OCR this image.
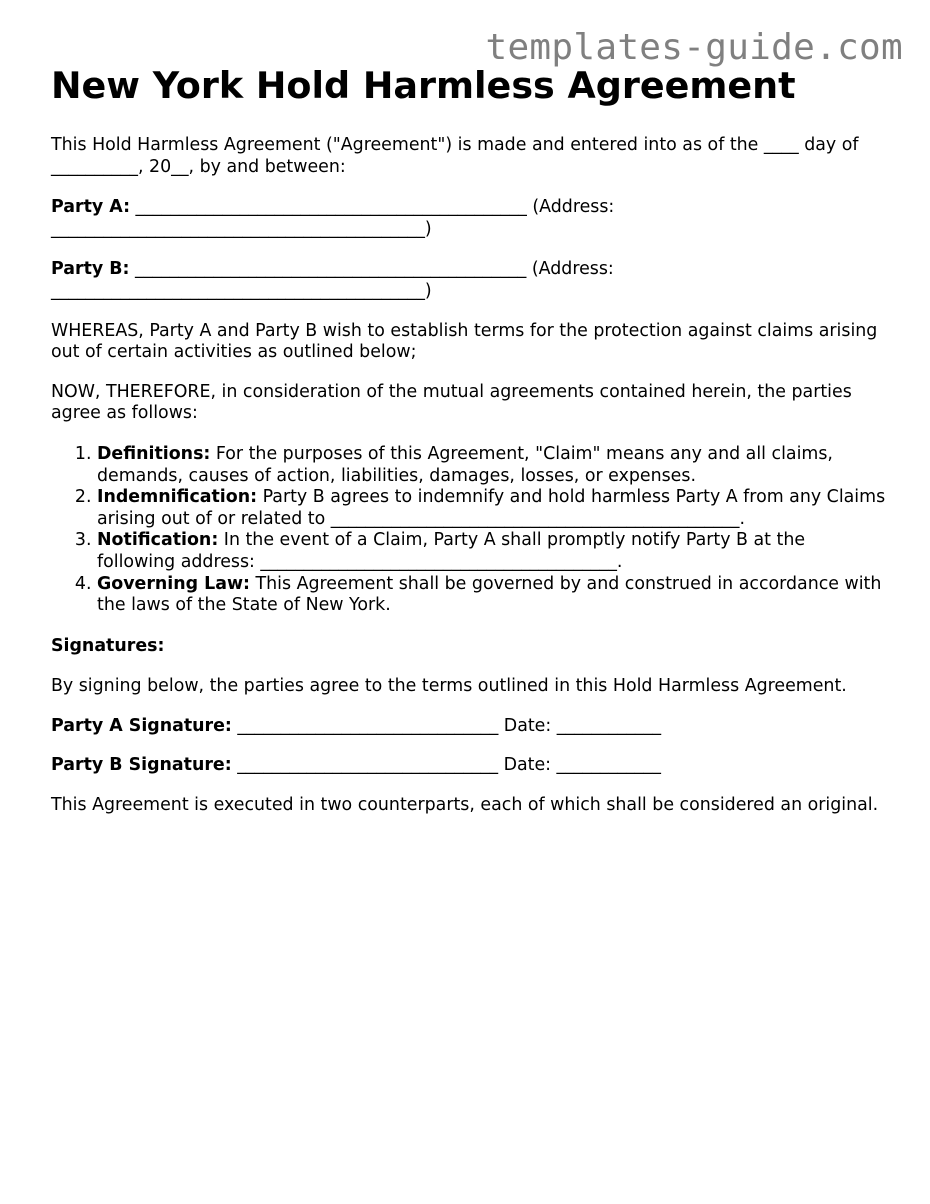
templates-guide.com
New York Hold Harmless Agreement

This Hold Harmless Agreement ("Agreement") is made and entered into as of the ____ day of __________, 20__, by and between:

Party A: _____________________________________________ (Address: ___________________________________________)

Party B: _____________________________________________ (Address: ___________________________________________)

WHEREAS, Party A and Party B wish to establish terms for the protection against claims arising out of certain activities as outlined below;

NOW, THEREFORE, in consideration of the mutual agreements contained herein, the parties agree as follows:

1. Definitions: For the purposes of this Agreement, "Claim" means any and all claims, demands, causes of action, liabilities, damages, losses, or expenses.
2. Indemnification: Party B agrees to indemnify and hold harmless Party A from any Claims arising out of or related to _______________________________________________.
3. Notification: In the event of a Claim, Party A shall promptly notify Party B at the following address: _________________________________________.
4. Governing Law: This Agreement shall be governed by and construed in accordance with the laws of the State of New York.

Signatures:

By signing below, the parties agree to the terms outlined in this Hold Harmless Agreement.

Party A Signature: ______________________________ Date: ____________

Party B Signature: ______________________________ Date: ____________

This Agreement is executed in two counterparts, each of which shall be considered an original.
